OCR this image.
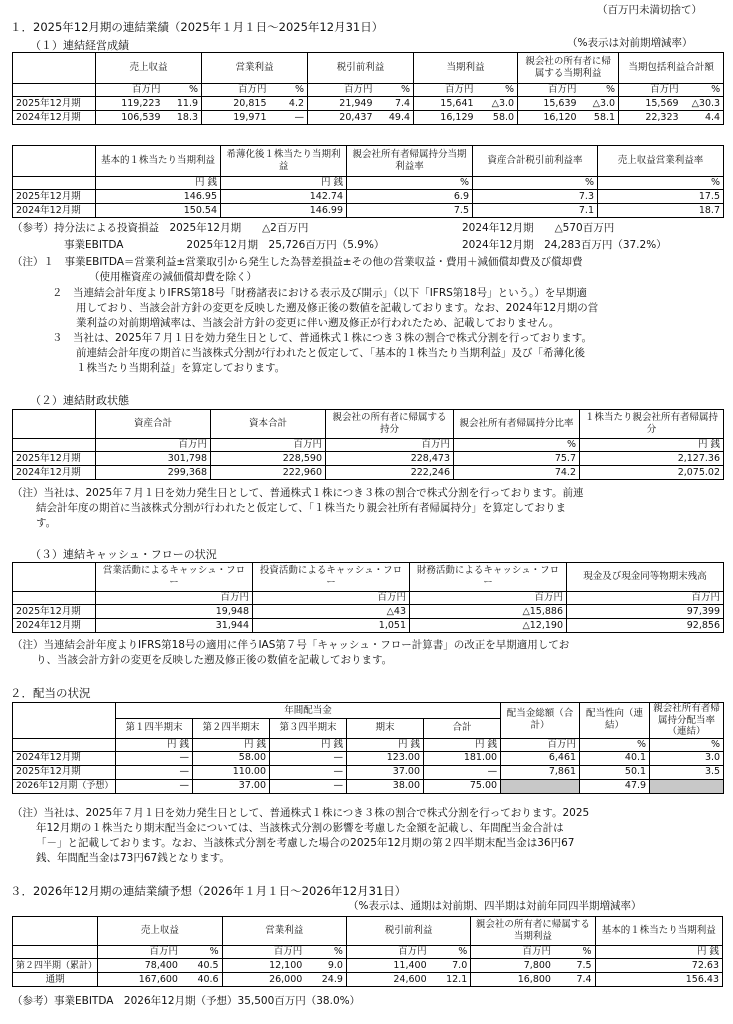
（百万円未満切捨て）
１．2025年12月期の連結業績（2025年１月１日～2025年12月31日）
（１）連結経営成績	（%表示は対前期増減率）
	売上収益		営業利益		税引前利益		当期利益		親会社の所有者に帰属する当期利益		当期包括利益合計額	
	百万円	%	百万円	%	百万円	%	百万円	%	百万円	%	百万円	%
2025年12月期	119,223	11.9	20,815	4.2	21,949	7.4	15,641	△3.0	15,639	△3.0	15,569	△30.3
2024年12月期	106,539	18.3	19,971	—	20,437	49.4	16,129	58.0	16,120	58.1	22,323	4.4
	基本的１株当たり当期利益	希薄化後１株当たり当期利益	親会社所有者帰属持分当期利益率	資産合計税引前利益率	売上収益営業利益率
	円 銭	円 銭	%	%	%
2025年12月期	146.95	142.74	6.9	7.3	17.5
2024年12月期	150.54	146.99	7.5	7.1	18.7
（参考）持分法による投資損益　2025年12月期　　△2百万円	2024年12月期　　△570百万円
事業EBITDA　　　　　　2025年12月期　25,726百万円（5.9%）	2024年12月期　24,283百万円（37.2%）
（注）１　事業EBITDA＝営業利益±営業取引から発生した為替差損益±その他の営業収益・費用＋減価償却費及び償却費
（使用権資産の減価償却費を除く）
２　当連結会計年度よりIFRS第18号「財務諸表における表示及び開示」（以下「IFRS第18号」という。）を早期適
用しており、当該会計方針の変更を反映した遡及修正後の数値を記載しております。なお、2024年12月期の営
業利益の対前期増減率は、当該会計方針の変更に伴い遡及修正が行われたため、記載しておりません。
３　当社は、2025年７月１日を効力発生日として、普通株式１株につき３株の割合で株式分割を行っております。
前連結会計年度の期首に当該株式分割が行われたと仮定して、「基本的１株当たり当期利益」及び「希薄化後
１株当たり当期利益」を算定しております。
（２）連結財政状態
	資産合計	資本合計	親会社の所有者に帰属する持分	親会社所有者帰属持分比率	１株当たり親会社所有者帰属持分
	百万円	百万円	百万円	%	円 銭
2025年12月期	301,798	228,590	228,473	75.7	2,127.36
2024年12月期	299,368	222,960	222,246	74.2	2,075.02
（注）当社は、2025年７月１日を効力発生日として、普通株式１株につき３株の割合で株式分割を行っております。前連
結会計年度の期首に当該株式分割が行われたと仮定して、「１株当たり親会社所有者帰属持分」を算定しておりま
す。
（３）連結キャッシュ・フローの状況
	営業活動によるキャッシュ・フロー	投資活動によるキャッシュ・フロー	財務活動によるキャッシュ・フロー	現金及び現金同等物期末残高
	百万円	百万円	百万円	百万円
2025年12月期	19,948	△43	△15,886	97,399
2024年12月期	31,944	1,051	△12,190	92,856
（注）当連結会計年度よりIFRS第18号の適用に伴うIAS第７号「キャッシュ・フロー計算書」の改正を早期適用してお
り、当該会計方針の変更を反映した遡及修正後の数値を記載しております。
２．配当の状況
	年間配当金					配当金総額（合計）	配当性向（連結）	親会社所有者帰属持分配当率（連結）
	第１四半期末	第２四半期末	第３四半期末	期末	合計			
	円 銭	円 銭	円 銭	円 銭	円 銭	百万円	%	%
2024年12月期	—	58.00	—	123.00	181.00	6,461	40.1	3.0
2025年12月期	—	110.00	—	37.00	—	7,861	50.1	3.5
2026年12月期（予想）	—	37.00	—	38.00	75.00		47.9	
（注）当社は、2025年７月１日を効力発生日として、普通株式１株につき３株の割合で株式分割を行っております。2025
年12月期の１株当たり期末配当金については、当該株式分割の影響を考慮した金額を記載し、年間配当金合計は
「－」と記載しております。なお、当該株式分割を考慮した場合の2025年12月期の第２四半期末配当金は36円67
銭、年間配当金は73円67銭となります。
３．2026年12月期の連結業績予想（2026年１月１日～2026年12月31日）
（%表示は、通期は対前期、四半期は対前年同四半期増減率）
	売上収益		営業利益		税引前利益		親会社の所有者に帰属する当期利益		基本的１株当たり当期利益
	百万円	%	百万円	%	百万円	%	百万円	%	円 銭
第２四半期（累計）	78,400	40.5	12,100	9.0	11,400	7.0	7,800	7.5	72.63
通期	167,600	40.6	26,000	24.9	24,600	12.1	16,800	7.4	156.43
（参考）事業EBITDA　2026年12月期（予想）35,500百万円（38.0%）
